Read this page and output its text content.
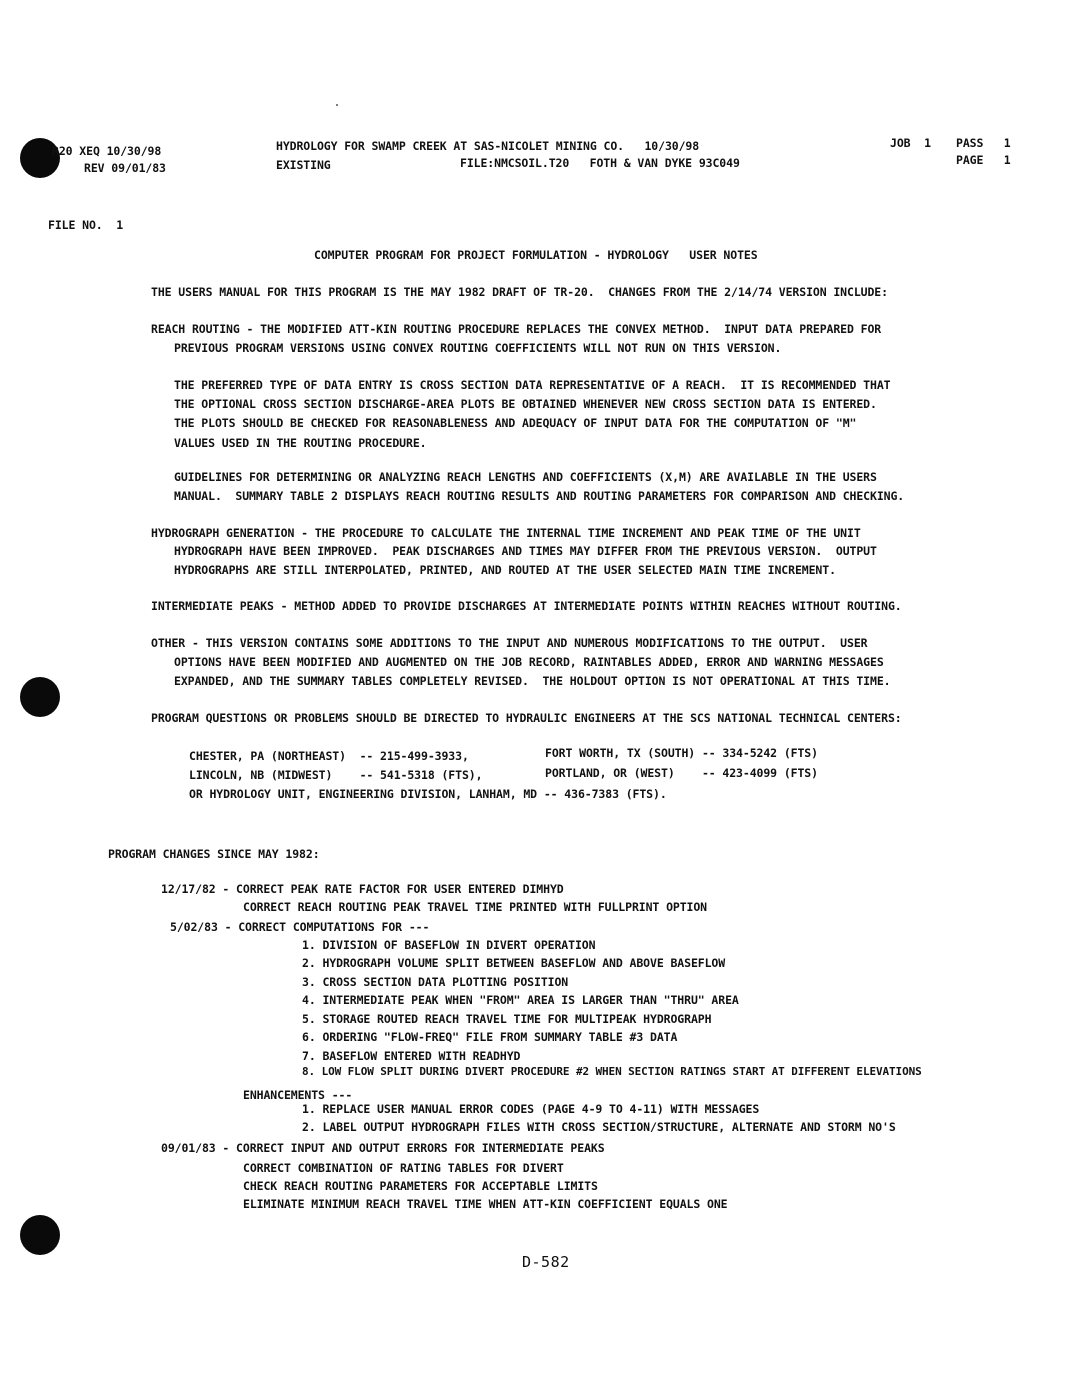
R20 XEQ 10/30/98
REV 09/01/83
HYDROLOGY FOR SWAMP CREEK AT SAS-NICOLET MINING CO.   10/30/98
EXISTING	FILE:NMCSOIL.T20   FOTH & VAN DYKE 93C049
JOB  1 PASS   1
PAGE   1
FILE NO.  1
COMPUTER PROGRAM FOR PROJECT FORMULATION - HYDROLOGY   USER NOTES
THE USERS MANUAL FOR THIS PROGRAM IS THE MAY 1982 DRAFT OF TR-20.  CHANGES FROM THE 2/14/74 VERSION INCLUDE:
REACH ROUTING - THE MODIFIED ATT-KIN ROUTING PROCEDURE REPLACES THE CONVEX METHOD.  INPUT DATA PREPARED FOR
PREVIOUS PROGRAM VERSIONS USING CONVEX ROUTING COEFFICIENTS WILL NOT RUN ON THIS VERSION.
THE PREFERRED TYPE OF DATA ENTRY IS CROSS SECTION DATA REPRESENTATIVE OF A REACH.  IT IS RECOMMENDED THAT
THE OPTIONAL CROSS SECTION DISCHARGE-AREA PLOTS BE OBTAINED WHENEVER NEW CROSS SECTION DATA IS ENTERED.
THE PLOTS SHOULD BE CHECKED FOR REASONABLENESS AND ADEQUACY OF INPUT DATA FOR THE COMPUTATION OF "M"
VALUES USED IN THE ROUTING PROCEDURE.
GUIDELINES FOR DETERMINING OR ANALYZING REACH LENGTHS AND COEFFICIENTS (X,M) ARE AVAILABLE IN THE USERS
MANUAL.  SUMMARY TABLE 2 DISPLAYS REACH ROUTING RESULTS AND ROUTING PARAMETERS FOR COMPARISON AND CHECKING.
HYDROGRAPH GENERATION - THE PROCEDURE TO CALCULATE THE INTERNAL TIME INCREMENT AND PEAK TIME OF THE UNIT
HYDROGRAPH HAVE BEEN IMPROVED.  PEAK DISCHARGES AND TIMES MAY DIFFER FROM THE PREVIOUS VERSION.  OUTPUT
HYDROGRAPHS ARE STILL INTERPOLATED, PRINTED, AND ROUTED AT THE USER SELECTED MAIN TIME INCREMENT.
INTERMEDIATE PEAKS - METHOD ADDED TO PROVIDE DISCHARGES AT INTERMEDIATE POINTS WITHIN REACHES WITHOUT ROUTING.
OTHER - THIS VERSION CONTAINS SOME ADDITIONS TO THE INPUT AND NUMEROUS MODIFICATIONS TO THE OUTPUT.  USER
OPTIONS HAVE BEEN MODIFIED AND AUGMENTED ON THE JOB RECORD, RAINTABLES ADDED, ERROR AND WARNING MESSAGES
EXPANDED, AND THE SUMMARY TABLES COMPLETELY REVISED.  THE HOLDOUT OPTION IS NOT OPERATIONAL AT THIS TIME.
PROGRAM QUESTIONS OR PROBLEMS SHOULD BE DIRECTED TO HYDRAULIC ENGINEERS AT THE SCS NATIONAL TECHNICAL CENTERS:
CHESTER, PA (NORTHEAST)  -- 215-499-3933,	FORT WORTH, TX (SOUTH) -- 334-5242 (FTS)
LINCOLN, NB (MIDWEST)    -- 541-5318 (FTS),	PORTLAND, OR (WEST)    -- 423-4099 (FTS)
OR HYDROLOGY UNIT, ENGINEERING DIVISION, LANHAM, MD -- 436-7383 (FTS).
PROGRAM CHANGES SINCE MAY 1982:
12/17/82 - CORRECT PEAK RATE FACTOR FOR USER ENTERED DIMHYD
CORRECT REACH ROUTING PEAK TRAVEL TIME PRINTED WITH FULLPRINT OPTION
5/02/83 - CORRECT COMPUTATIONS FOR ---
1. DIVISION OF BASEFLOW IN DIVERT OPERATION
2. HYDROGRAPH VOLUME SPLIT BETWEEN BASEFLOW AND ABOVE BASEFLOW
3. CROSS SECTION DATA PLOTTING POSITION
4. INTERMEDIATE PEAK WHEN "FROM" AREA IS LARGER THAN "THRU" AREA
5. STORAGE ROUTED REACH TRAVEL TIME FOR MULTIPEAK HYDROGRAPH
6. ORDERING "FLOW-FREQ" FILE FROM SUMMARY TABLE #3 DATA
7. BASEFLOW ENTERED WITH READHYD
8. LOW FLOW SPLIT DURING DIVERT PROCEDURE #2 WHEN SECTION RATINGS START AT DIFFERENT ELEVATIONS
ENHANCEMENTS ---
1. REPLACE USER MANUAL ERROR CODES (PAGE 4-9 TO 4-11) WITH MESSAGES
2. LABEL OUTPUT HYDROGRAPH FILES WITH CROSS SECTION/STRUCTURE, ALTERNATE AND STORM NO'S
09/01/83 - CORRECT INPUT AND OUTPUT ERRORS FOR INTERMEDIATE PEAKS
CORRECT COMBINATION OF RATING TABLES FOR DIVERT
CHECK REACH ROUTING PARAMETERS FOR ACCEPTABLE LIMITS
ELIMINATE MINIMUM REACH TRAVEL TIME WHEN ATT-KIN COEFFICIENT EQUALS ONE
D-582
